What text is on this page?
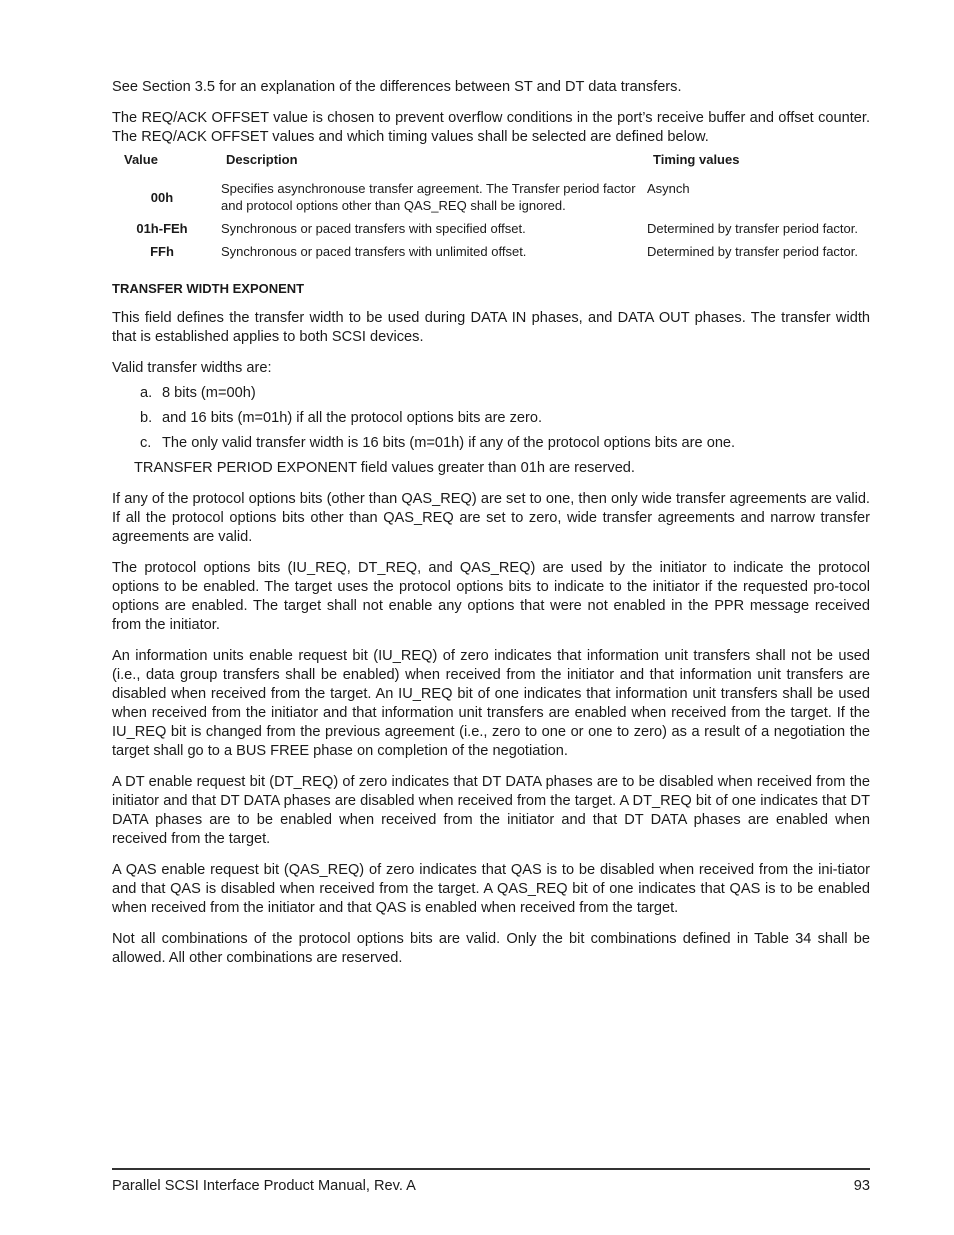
See Section 3.5 for an explanation of the differences between ST and DT data transfers.

The REQ/ACK OFFSET value is chosen to prevent overflow conditions in the port’s receive buffer and offset counter. The REQ/ACK OFFSET values and which timing values shall be selected are defined below.

Value	Description	Timing values
00h	Specifies asynchronouse transfer agreement. The Transfer period factor and protocol options other than QAS_REQ shall be ignored.	Asynch
01h-FEh	Synchronous or paced transfers with specified offset.	Determined by transfer period factor.
FFh	Synchronous or paced transfers with unlimited offset.	Determined by transfer period factor.
TRANSFER WIDTH EXPONENT

This field defines the transfer width to be used during DATA IN phases, and DATA OUT phases. The transfer width that is established applies to both SCSI devices.

Valid transfer widths are:

a. 8 bits (m=00h)
b. and 16 bits (m=01h) if all the protocol options bits are zero.
c. The only valid transfer width is 16 bits (m=01h) if any of the protocol options bits are one.

TRANSFER PERIOD EXPONENT field values greater than 01h are reserved.

If any of the protocol options bits (other than QAS_REQ) are set to one, then only wide transfer agreements are valid. If all the protocol options bits other than QAS_REQ are set to zero, wide transfer agreements and narrow transfer agreements are valid.

The protocol options bits (IU_REQ, DT_REQ, and QAS_REQ) are used by the initiator to indicate the protocol options to be enabled. The target uses the protocol options bits to indicate to the initiator if the requested pro-tocol options are enabled. The target shall not enable any options that were not enabled in the PPR message received from the initiator.

An information units enable request bit (IU_REQ) of zero indicates that information unit transfers shall not be used (i.e., data group transfers shall be enabled) when received from the initiator and that information unit transfers are disabled when received from the target. An IU_REQ bit of one indicates that information unit transfers shall be used when received from the initiator and that information unit transfers are enabled when received from the target. If the IU_REQ bit is changed from the previous agreement (i.e., zero to one or one to zero) as a result of a negotiation the target shall go to a BUS FREE phase on completion of the negotiation.

A DT enable request bit (DT_REQ) of zero indicates that DT DATA phases are to be disabled when received from the initiator and that DT DATA phases are disabled when received from the target. A DT_REQ bit of one indicates that DT DATA phases are to be enabled when received from the initiator and that DT DATA phases are enabled when received from the target.

A QAS enable request bit (QAS_REQ) of zero indicates that QAS is to be disabled when received from the ini-tiator and that QAS is disabled when received from the target. A QAS_REQ bit of one indicates that QAS is to be enabled when received from the initiator and that QAS is enabled when received from the target.

Not all combinations of the protocol options bits are valid. Only the bit combinations defined in Table 34 shall be allowed. All other combinations are reserved.

Parallel SCSI Interface Product Manual, Rev. A	93
